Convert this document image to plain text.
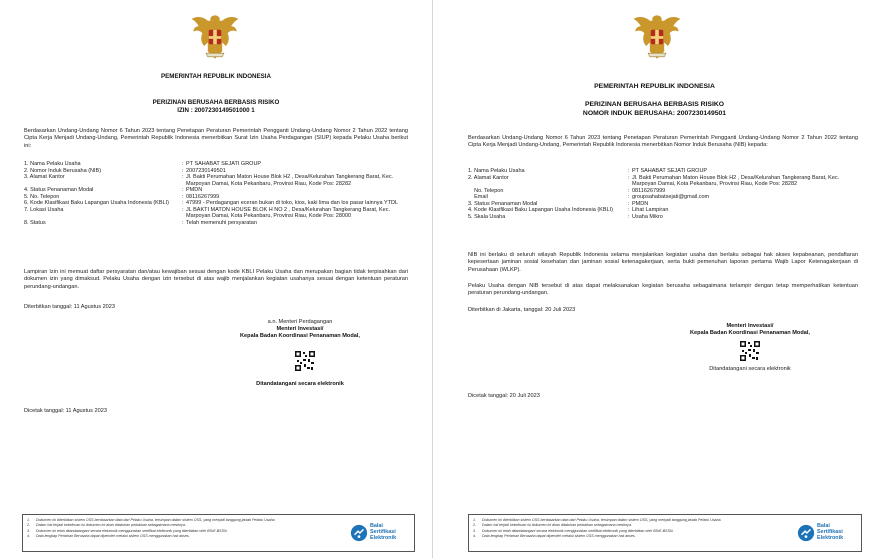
PEMERINTAH REPUBLIK INDONESIA
PERIZINAN BERUSAHA BERBASIS RISIKO
IZIN : 2007230149501000 1
Berdasarkan Undang-Undang Nomor 6 Tahun 2023 tentang Penetapan Peraturan Pemerintah Pengganti Undang-Undang Nomor 2 Tahun 2022 tentang Cipta Kerja Menjadi Undang-Undang, Pemerintah Republik Indonesia menerbitkan Surat Izin Usaha Perdagangan (SIUP) kepada Pelaku Usaha berikut ini:
1. Nama Pelaku Usaha	: PT SAHABAT SEJATI GROUP
2. Nomor Induk Berusaha (NIB)	: 2007230149501
3. Alamat Kantor	: Jl. Bakti Perumahan Maton House Blok H2 , Desa/Kelurahan Tangkerang Barat, Kec. Marpoyan Damai, Kota Pekanbaru, Provinsi Riau, Kode Pos: 28282
4. Status Penanaman Modal	: PMDN
5. No. Telepon	: 08116267999
6. Kode Klasifikasi Baku Lapangan Usaha Indonesia (KBLI)	: 47999 - Perdagangan eceran bukan di toko, kios, kaki lima dan los pasar lainnya YTDL
7. Lokasi Usaha	: JL BAKTI MATON HOUSE BLOK H NO 2 , Desa/Kelurahan Tangkerang Barat, Kec. Marpoyan Damai, Kota Pekanbaru, Provinsi Riau, Kode Pos: 28000
8. Status	: Telah memenuhi persyaratan
Lampiran Izin ini memuat daftar persyaratan dan/atau kewajiban sesuai dengan kode KBLI Pelaku Usaha dan merupakan bagian tidak terpisahkan dari dokumen izin yang dimaksud. Pelaku Usaha dengan izin tersebut di atas wajib menjalankan kegiatan usahanya sesuai dengan ketentuan peraturan perundang-undangan.
Diterbitkan tanggal: 11 Agustus 2023
a.n. Menteri Perdagangan
Menteri Investasi/
Kepala Badan Koordinasi Penanaman Modal,
Ditandatangani secara elektronik
Dicetak tanggal: 11 Agustus 2023
1.	Dokumen ini diterbitkan sistem OSS berdasarkan data dari Pelaku Usaha, tersimpan dalam sistem OSS, yang menjadi tanggung jawab Pelaku Usaha.
2.	Dalam hal terjadi kekeliruan isi dokumen ini akan dilakukan perbaikan sebagaimana mestinya.
3.	Dokumen ini telah ditandatangani secara elektronik menggunakan sertifikat elektronik yang diterbitkan oleh BSrE-BSSN.
4.	Data lengkap Perizinan Berusaha dapat diperoleh melalui sistem OSS menggunakan hak akses.
Balai
Sertifikasi
Elektronik
PEMERINTAH REPUBLIK INDONESIA
PERIZINAN BERUSAHA BERBASIS RISIKO
NOMOR INDUK BERUSAHA: 2007230149501
Berdasarkan Undang-Undang Nomor 6 Tahun 2023 tentang Penetapan Peraturan Pemerintah Pengganti Undang-Undang Nomor 2 Tahun 2022 tentang Cipta Kerja Menjadi Undang-Undang, Pemerintah Republik Indonesia menerbitkan Nomor Induk Berusaha (NIB) kepada:
1. Nama Pelaku Usaha	: PT SAHABAT SEJATI GROUP
2. Alamat Kantor	: Jl. Bakti Perumahan Maton House Blok H2 , Desa/Kelurahan Tangkerang Barat, Kec. Marpoyan Damai, Kota Pekanbaru, Provinsi Riau, Kode Pos: 28282
No. Telepon	: 08116267999
Email	: groupsahabatsejati@gmail.com
3. Status Penanaman Modal	: PMDN
4. Kode Klasifikasi Baku Lapangan Usaha Indonesia (KBLI)	: Lihat Lampiran
5. Skala Usaha	: Usaha Mikro
NIB ini berlaku di seluruh wilayah Republik Indonesia selama menjalankan kegiatan usaha dan berlaku sebagai hak akses kepabeanan, pendaftaran kepesertaan jaminan sosial kesehatan dan jaminan sosial ketenagakerjaan, serta bukti pemenuhan laporan pertama Wajib Lapor Ketenagakerjaan di Perusahaan (WLKP).
Pelaku Usaha dengan NIB tersebut di atas dapat melaksanakan kegiatan berusaha sebagaimana terlampir dengan tetap memperhatikan ketentuan peraturan perundang-undangan.
Diterbitkan di Jakarta, tanggal: 20 Juli 2023
Menteri Investasi/
Kepala Badan Koordinasi Penanaman Modal,
Ditandatangani secara elektronik
Dicetak tanggal: 20 Juli 2023
1.	Dokumen ini diterbitkan sistem OSS berdasarkan data dari Pelaku Usaha, tersimpan dalam sistem OSS, yang menjadi tanggung jawab Pelaku Usaha.
2.	Dalam hal terjadi kekeliruan isi dokumen ini akan dilakukan perbaikan sebagaimana mestinya.
3.	Dokumen ini telah ditandatangani secara elektronik menggunakan sertifikat elektronik yang diterbitkan oleh BSrE-BSSN.
4.	Data lengkap Perizinan Berusaha dapat diperoleh melalui sistem OSS menggunakan hak akses.
Balai
Sertifikasi
Elektronik
